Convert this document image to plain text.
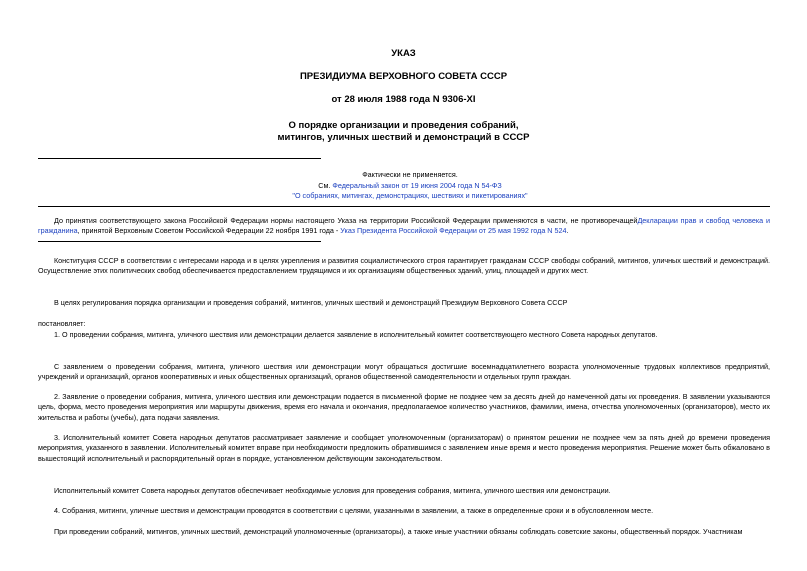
УКАЗ
ПРЕЗИДИУМА ВЕРХОВНОГО СОВЕТА СССР
от 28 июля 1988 года N 9306-XI
О порядке организации и проведения собраний,
митингов, уличных шествий и демонстраций в СССР
Фактически не применяется.
См. Федеральный закон от 19 июня 2004 года N 54-ФЗ
"О собраниях, митингах, демонстрациях, шествиях и пикетированиях"
До принятия соответствующего закона Российской Федерации нормы настоящего Указа на территории Российской Федерации применяются в части, не противоречащейДекларации прав и свобод человека и гражданина, принятой Верховным Советом Российской Федерации 22 ноября 1991 года - Указ Президента Российской Федерации от 25 мая 1992 года N 524.
Конституция СССР в соответствии с интересами народа и в целях укрепления и развития социалистического строя гарантирует гражданам СССР свободы собраний, митингов, уличных шествий и демонстраций. Осуществление этих политических свобод обеспечивается предоставлением трудящимся и их организациям общественных зданий, улиц, площадей и других мест.
В целях регулирования порядка организации и проведения собраний, митингов, уличных шествий и демонстраций Президиум Верховного Совета СССР
постановляет:
1. О проведении собрания, митинга, уличного шествия или демонстрации делается заявление в исполнительный комитет соответствующего местного Совета народных депутатов.
С заявлением о проведении собрания, митинга, уличного шествия или демонстрации могут обращаться достигшие восемнадцатилетнего возраста уполномоченные трудовых коллективов предприятий, учреждений и организаций, органов кооперативных и иных общественных организаций, органов общественной самодеятельности и отдельных групп граждан.
2. Заявление о проведении собрания, митинга, уличного шествия или демонстрации подается в письменной форме не позднее чем за десять дней до намеченной даты их проведения. В заявлении указываются цель, форма, место проведения мероприятия или маршруты движения, время его начала и окончания, предполагаемое количество участников, фамилии, имена, отчества уполномоченных (организаторов), место их жительства и работы (учебы), дата подачи заявления.
3. Исполнительный комитет Совета народных депутатов рассматривает заявление и сообщает уполномоченным (организаторам) о принятом решении не позднее чем за пять дней до времени проведения мероприятия, указанного в заявлении. Исполнительный комитет вправе при необходимости предложить обратившимся с заявлением иные время и место проведения мероприятия. Решение может быть обжаловано в вышестоящий исполнительный и распорядительный орган в порядке, установленном действующим законодательством.
Исполнительный комитет Совета народных депутатов обеспечивает необходимые условия для проведения собрания, митинга, уличного шествия или демонстрации.
4. Собрания, митинги, уличные шествия и демонстрации проводятся в соответствии с целями, указанными в заявлении, а также в определенные сроки и в обусловленном месте.
При проведении собраний, митингов, уличных шествий, демонстраций уполномоченные (организаторы), а также иные участники обязаны соблюдать советские законы, общественный порядок. Участникам
